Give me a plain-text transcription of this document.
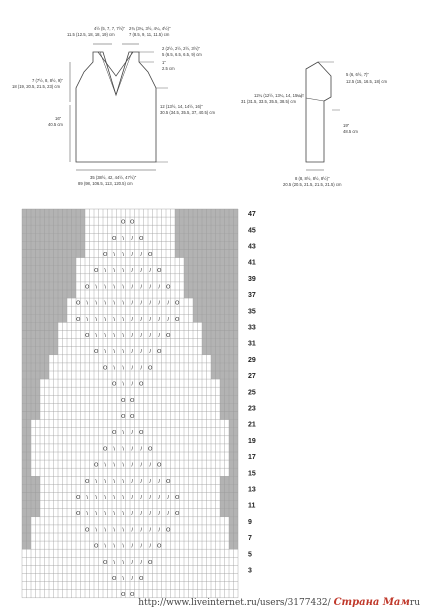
4½ (5, 7, 7, 7½)"
11.5 (12.5, 18, 18, 19) cm
2¾ (3¼, 3½, 4¼, 4½)"
7 (8.5, 9, 11, 11.5) cm
2 (2½, 2½, 2½, 3½)"
5 (6.5, 6.5, 6.5, 9) cm
1"
2.5 cm
7 (7½, 8, 8½, 9)"
18 (19, 20.5, 21.5, 23) cm
16"
40.5 cm
12 (13½, 14, 14½, 16)"
30.5 (34.5, 35.5, 37, 40.5) cm
35 (38½, 42, 44½, 47½)"
89 (98, 106.5, 113, 120.5) cm
5 (6, 6½, 7)"
12.5 (15, 16.5, 18) cm
12¼ (12½, 13¼, 14, 15¼)"
31 (31.5, 33.5, 35.5, 38.5) cm
19"
48.5 cm
8 (8, 8½, 8½, 8½)"
20.5 (20.5, 21.5, 21.5, 21.5) cm
O O
O \ / O
O \ \ / / O
O \ \ \ / / / O
O \ \ \ \ / / / / O
O \ \ \ \ \ / / / / / O
O \ \ \ \ \ / / / / / O
O \ \ \ \ / / / / O
O \ \ \ / / / O
O \ \ / / O
O \ / O
O O
O O
O \ / O
O \ \ / / O
O \ \ \ / / / O
O \ \ \ \ / / / / O
O \ \ \ \ \ / / / / / O
O \ \ \ \ \ / / / / / O
O \ \ \ \ / / / / O
O \ \ \ / / / O
O \ \ / / O
O \ / O
O O
47
45
43
41
39
37
35
33
31
29
27
25
23
21
19
17
15
13
11
9
7
5
3
http://www.liveinternet.ru/users/3177432/ Страна Мамru
